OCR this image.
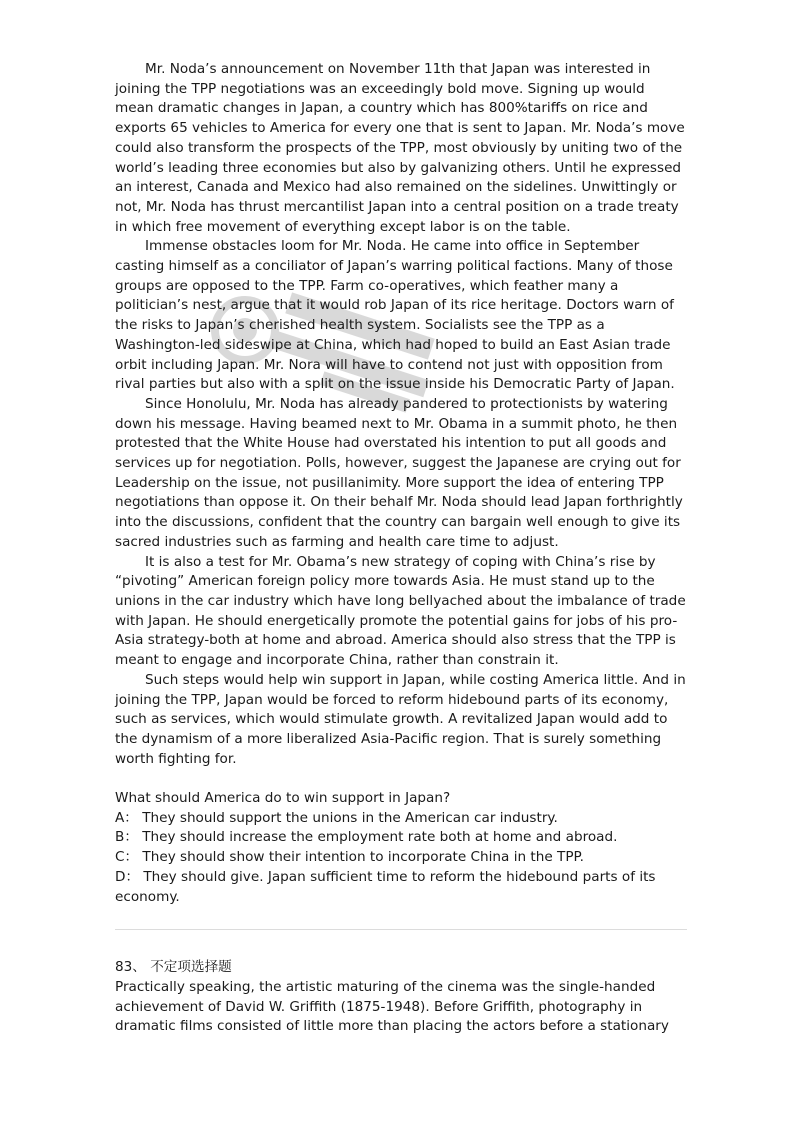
Mr. Noda’s announcement on November 11th that Japan was interested in joining the TPP negotiations was an exceedingly bold move. Signing up would mean dramatic changes in Japan, a country which has 800%tariffs on rice and exports 65 vehicles to America for every one that is sent to Japan. Mr. Noda’s move could also transform the prospects of the TPP, most obviously by uniting two of the world’s leading three economies but also by galvanizing others. Until he expressed an interest, Canada and Mexico had also remained on the sidelines. Unwittingly or not, Mr. Noda has thrust mercantilist Japan into a central position on a trade treaty in which free movement of everything except labor is on the table.

Immense obstacles loom for Mr. Noda. He came into office in September casting himself as a conciliator of Japan’s warring political factions. Many of those groups are opposed to the TPP. Farm co-operatives, which feather many a politician’s nest, argue that it would rob Japan of its rice heritage. Doctors warn of the risks to Japan’s cherished health system. Socialists see the TPP as a Washington-led sideswipe at China, which had hoped to build an East Asian trade orbit including Japan. Mr. Nora will have to contend not just with opposition from rival parties but also with a split on the issue inside his Democratic Party of Japan.

Since Honolulu, Mr. Noda has already pandered to protectionists by watering down his message. Having beamed next to Mr. Obama in a summit photo, he then protested that the White House had overstated his intention to put all goods and services up for negotiation. Polls, however, suggest the Japanese are crying out for Leadership on the issue, not pusillanimity. More support the idea of entering TPP negotiations than oppose it. On their behalf Mr. Noda should lead Japan forthrightly into the discussions, confident that the country can bargain well enough to give its sacred industries such as farming and health care time to adjust.

It is also a test for Mr. Obama’s new strategy of coping with China’s rise by “pivoting” American foreign policy more towards Asia. He must stand up to the unions in the car industry which have long bellyached about the imbalance of trade with Japan. He should energetically promote the potential gains for jobs of his pro-Asia strategy-both at home and abroad. America should also stress that the TPP is meant to engage and incorporate China, rather than constrain it.

Such steps would help win support in Japan, while costing America little. And in joining the TPP, Japan would be forced to reform hidebound parts of its economy, such as services, which would stimulate growth. A revitalized Japan would add to the dynamism of a more liberalized Asia-Pacific region. That is surely something worth fighting for.

What should America do to win support in Japan?

A： They should support the unions in the American car industry.

B： They should increase the employment rate both at home and abroad.

C： They should show their intention to incorporate China in the TPP.

D： They should give. Japan sufficient time to reform the hidebound parts of its economy.

83、 不定项选择题

Practically speaking, the artistic maturing of the cinema was the single-handed achievement of David W. Griffith (1875-1948). Before Griffith, photography in dramatic films consisted of little more than placing the actors before a stationary
